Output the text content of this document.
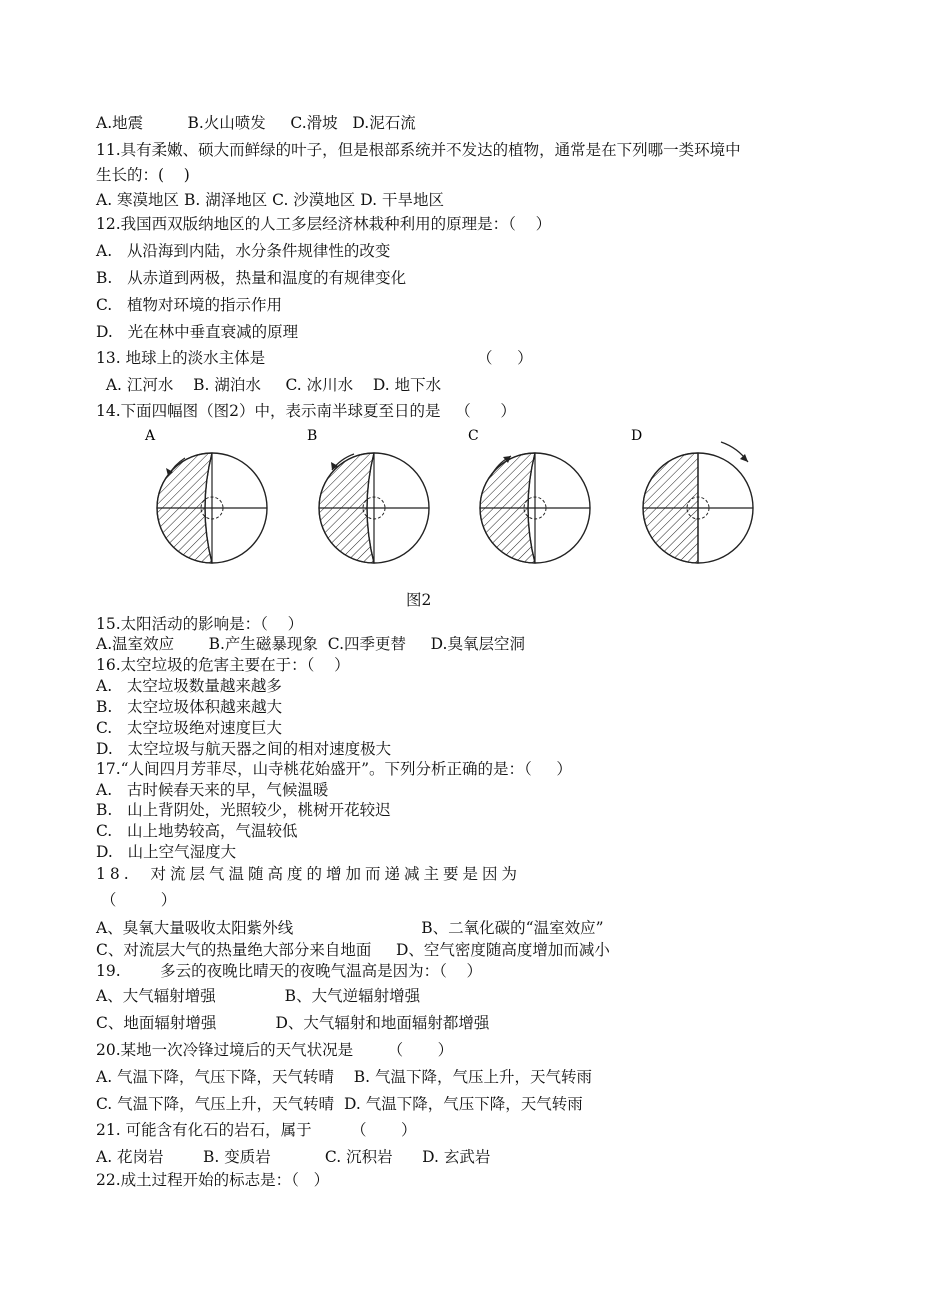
A.地震         B.火山喷发     C.滑坡   D.泥石流
11.具有柔嫩、硕大而鲜绿的叶子，但是根部系统并不发达的植物，通常是在下列哪一类环境中
生长的：(    )
A. 寒漠地区 B. 湖泽地区 C. 沙漠地区 D. 干旱地区
12.我国西双版纳地区的人工多层经济林栽种利用的原理是：（    ）
A.   从沿海到内陆，水分条件规律性的改变
B.   从赤道到两极，热量和温度的有规律变化
C.   植物对环境的指示作用
D.   光在林中垂直衰减的原理
13. 地球上的淡水主体是                                           （     ）
A. 江河水    B. 湖泊水     C. 冰川水    D. 地下水
14.下面四幅图（图2）中，表示南半球夏至日的是   （      ）
A	B	C	D
图2
15.太阳活动的影响是：（    ）
A.温室效应       B.产生磁暴现象  C.四季更替     D.臭氧层空洞
16.太空垃圾的危害主要在于：（    ）
A.   太空垃圾数量越来越多
B.   太空垃圾体积越来越大
C.   太空垃圾绝对速度巨大
D.   太空垃圾与航天器之间的相对速度极大
17.“人间四月芳菲尽，山寺桃花始盛开”。下列分析正确的是：（     ）
A.   古时候春天来的早，气候温暖
B.   山上背阴处，光照较少，桃树开花较迟
C.   山上地势较高，气温较低
D.   山上空气湿度大
18.  对流层气温随高度的增加而递减主要是因为
（         ）
A、臭氧大量吸收太阳紫外线                          B、二氧化碳的“温室效应”
C、对流层大气的热量绝大部分来自地面     D、空气密度随高度增加而减小
19.        多云的夜晚比晴天的夜晚气温高是因为：（    ）
A、大气辐射增强              B、大气逆辐射增强
C、地面辐射增强            D、大气辐射和地面辐射都增强
20.某地一次冷锋过境后的天气状况是       （       ）
A. 气温下降，气压下降，天气转晴    B. 气温下降，气压上升，天气转雨
C. 气温下降，气压上升，天气转晴  D. 气温下降，气压下降，天气转雨
21. 可能含有化石的岩石，属于        （       ）
A. 花岗岩        B. 变质岩           C. 沉积岩      D. 玄武岩
22.成土过程开始的标志是：（   ）
